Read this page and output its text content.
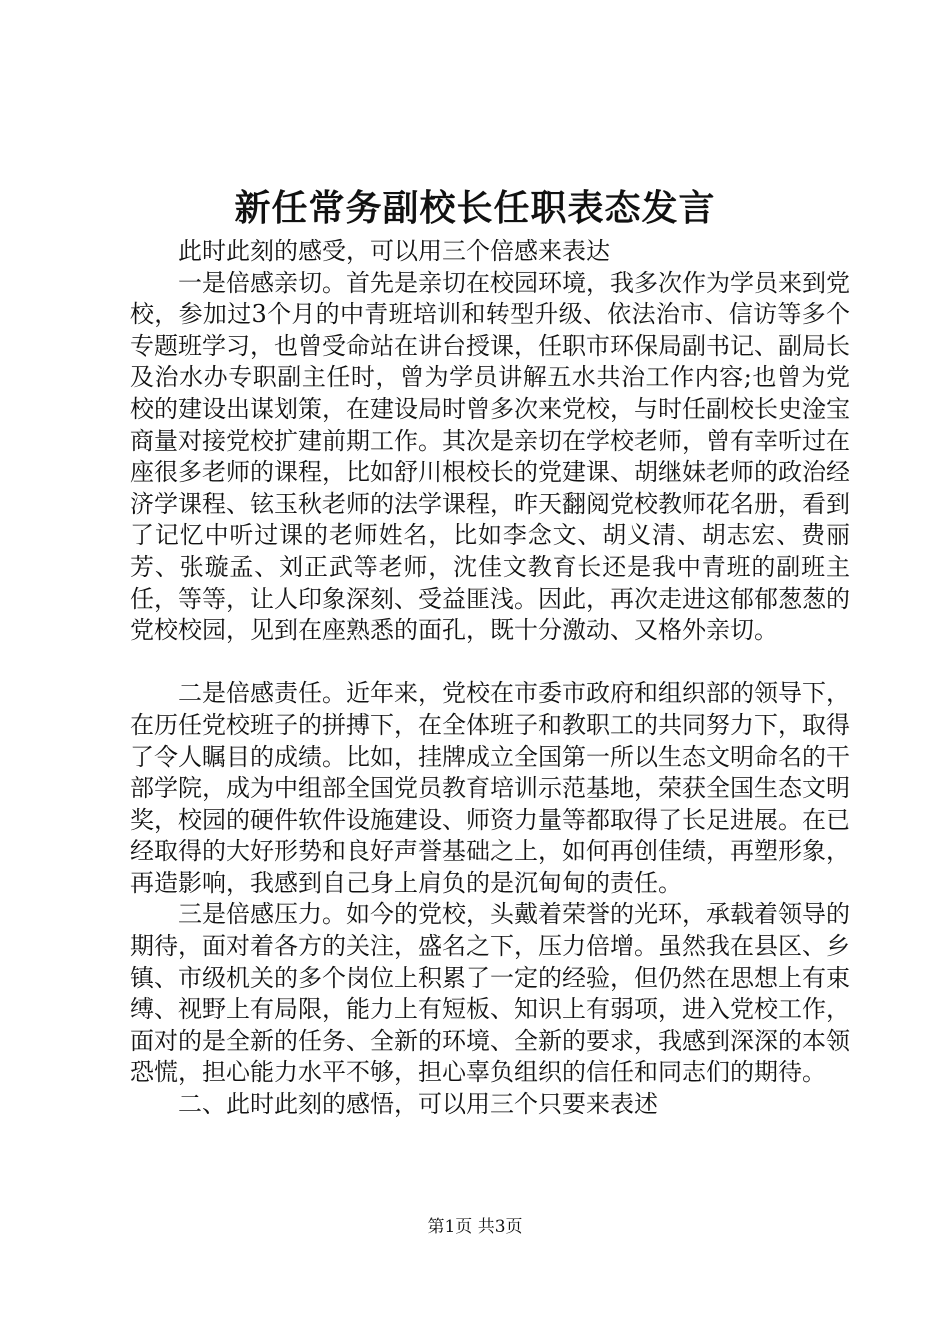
新任常务副校长任职表态发言

此时此刻的感受，可以用三个倍感来表达

一是倍感亲切。首先是亲切在校园环境，我多次作为学员来到党校，参加过3个月的中青班培训和转型升级、依法治市、信访等多个专题班学习，也曾受命站在讲台授课，任职市环保局副书记、副局长及治水办专职副主任时，曾为学员讲解五水共治工作内容;也曾为党校的建设出谋划策，在建设局时曾多次来党校，与时任副校长史淦宝商量对接党校扩建前期工作。其次是亲切在学校老师，曾有幸听过在座很多老师的课程，比如舒川根校长的党建课、胡继妹老师的政治经济学课程、铉玉秋老师的法学课程，昨天翻阅党校教师花名册，看到了记忆中听过课的老师姓名，比如李念文、胡义清、胡志宏、费丽芳、张璇孟、刘正武等老师，沈佳文教育长还是我中青班的副班主任，等等，让人印象深刻、受益匪浅。因此，再次走进这郁郁葱葱的党校校园，见到在座熟悉的面孔，既十分激动、又格外亲切。

二是倍感责任。近年来，党校在市委市政府和组织部的领导下，在历任党校班子的拼搏下，在全体班子和教职工的共同努力下，取得了令人瞩目的成绩。比如，挂牌成立全国第一所以生态文明命名的干部学院，成为中组部全国党员教育培训示范基地，荣获全国生态文明奖，校园的硬件软件设施建设、师资力量等都取得了长足进展。在已经取得的大好形势和良好声誉基础之上，如何再创佳绩，再塑形象，再造影响，我感到自己身上肩负的是沉甸甸的责任。

三是倍感压力。如今的党校，头戴着荣誉的光环，承载着领导的期待，面对着各方的关注，盛名之下，压力倍增。虽然我在县区、乡镇、市级机关的多个岗位上积累了一定的经验，但仍然在思想上有束缚、视野上有局限，能力上有短板、知识上有弱项，进入党校工作，面对的是全新的任务、全新的环境、全新的要求，我感到深深的本领恐慌，担心能力水平不够，担心辜负组织的信任和同志们的期待。

二、此时此刻的感悟，可以用三个只要来表述

第1页 共3页
